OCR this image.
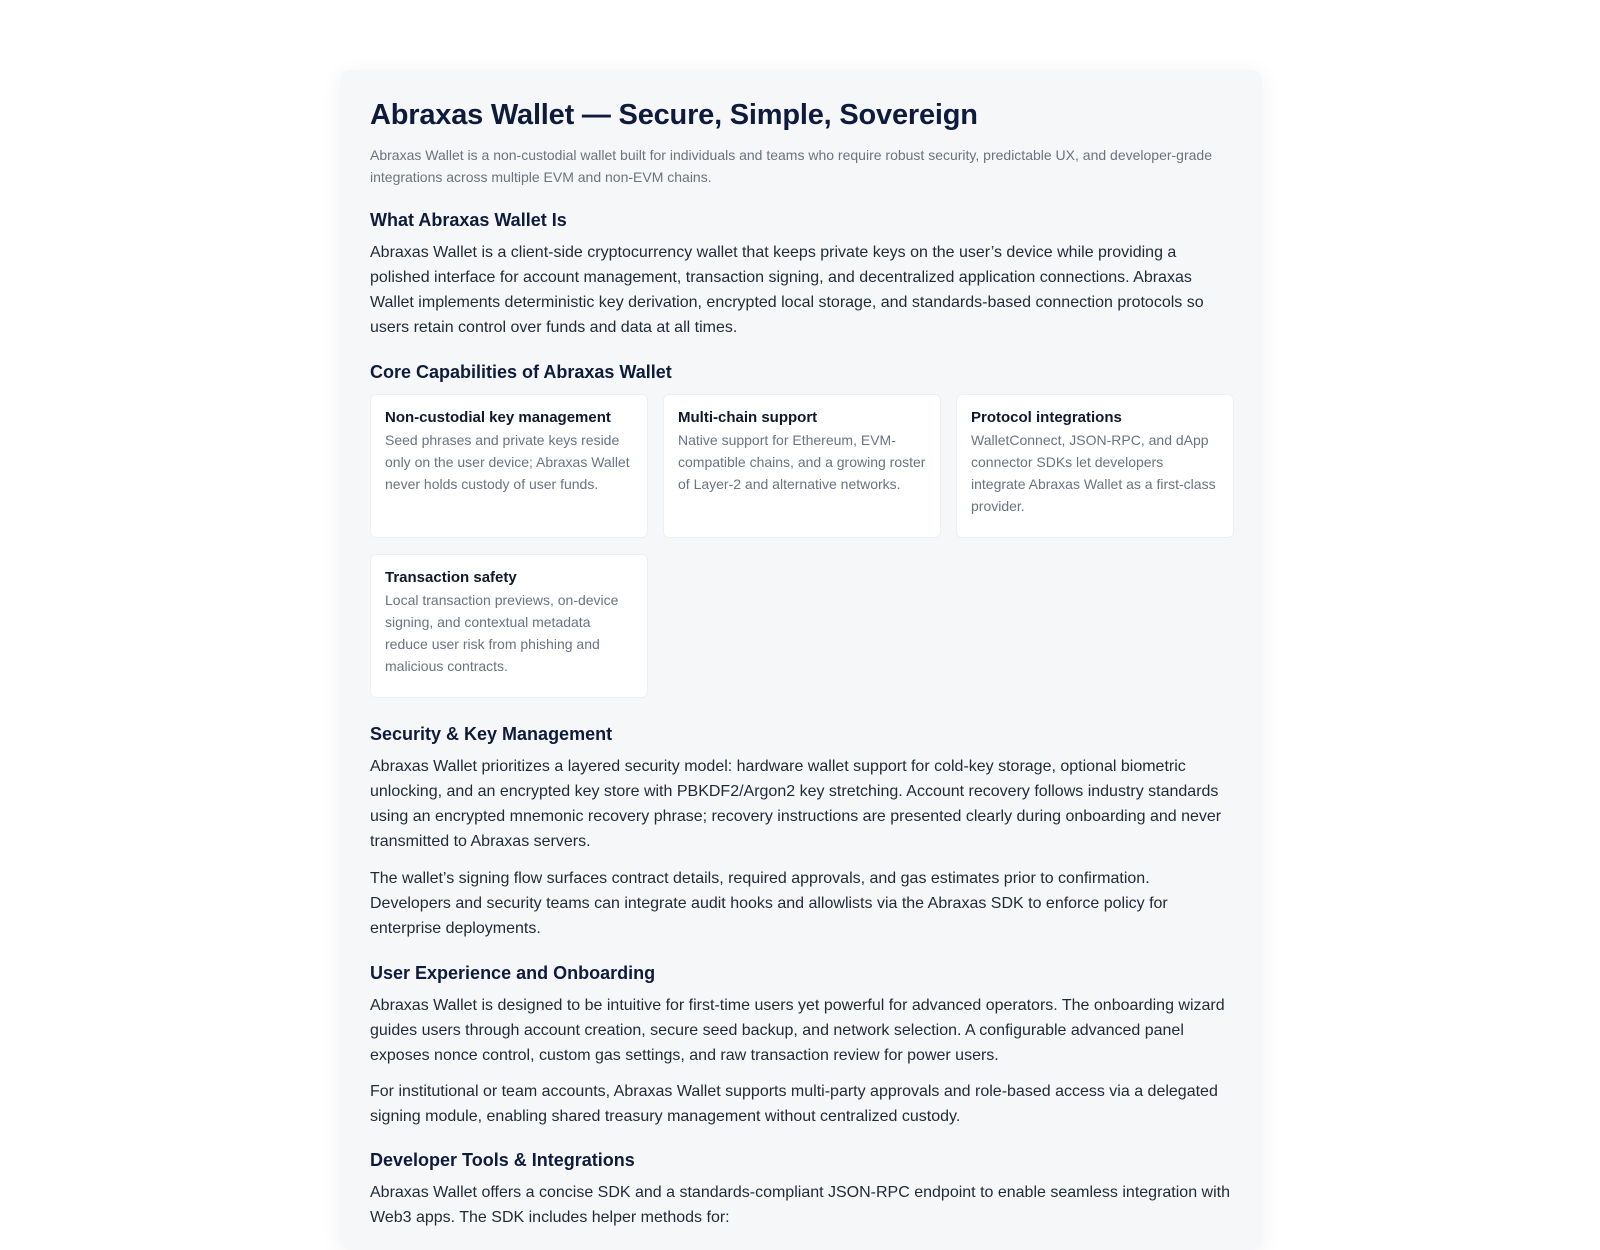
Abraxas Wallet — Secure, Simple, Sovereign

Abraxas Wallet is a non-custodial wallet built for individuals and teams who require robust security, predictable UX, and developer-grade integrations across multiple EVM and non-EVM chains.

What Abraxas Wallet Is

Abraxas Wallet is a client-side cryptocurrency wallet that keeps private keys on the user’s device while providing a polished interface for account management, transaction signing, and decentralized application connections. Abraxas Wallet implements deterministic key derivation, encrypted local storage, and standards-based connection protocols so users retain control over funds and data at all times.

Core Capabilities of Abraxas Wallet
Non-custodial key management
Seed phrases and private keys reside only on the user device; Abraxas Wallet never holds custody of user funds.
Multi-chain support
Native support for Ethereum, EVM-compatible chains, and a growing roster of Layer-2 and alternative networks.
Protocol integrations
WalletConnect, JSON-RPC, and dApp connector SDKs let developers integrate Abraxas Wallet as a first-class provider.
Transaction safety
Local transaction previews, on-device signing, and contextual metadata reduce user risk from phishing and malicious contracts.
Security & Key Management

Abraxas Wallet prioritizes a layered security model: hardware wallet support for cold-key storage, optional biometric unlocking, and an encrypted key store with PBKDF2/Argon2 key stretching. Account recovery follows industry standards using an encrypted mnemonic recovery phrase; recovery instructions are presented clearly during onboarding and never transmitted to Abraxas servers.

The wallet’s signing flow surfaces contract details, required approvals, and gas estimates prior to confirmation. Developers and security teams can integrate audit hooks and allowlists via the Abraxas SDK to enforce policy for enterprise deployments.

User Experience and Onboarding

Abraxas Wallet is designed to be intuitive for first-time users yet powerful for advanced operators. The onboarding wizard guides users through account creation, secure seed backup, and network selection. A configurable advanced panel exposes nonce control, custom gas settings, and raw transaction review for power users.

For institutional or team accounts, Abraxas Wallet supports multi-party approvals and role-based access via a delegated signing module, enabling shared treasury management without centralized custody.

Developer Tools & Integrations

Abraxas Wallet offers a concise SDK and a standards-compliant JSON-RPC endpoint to enable seamless integration with Web3 apps. The SDK includes helper methods for:
